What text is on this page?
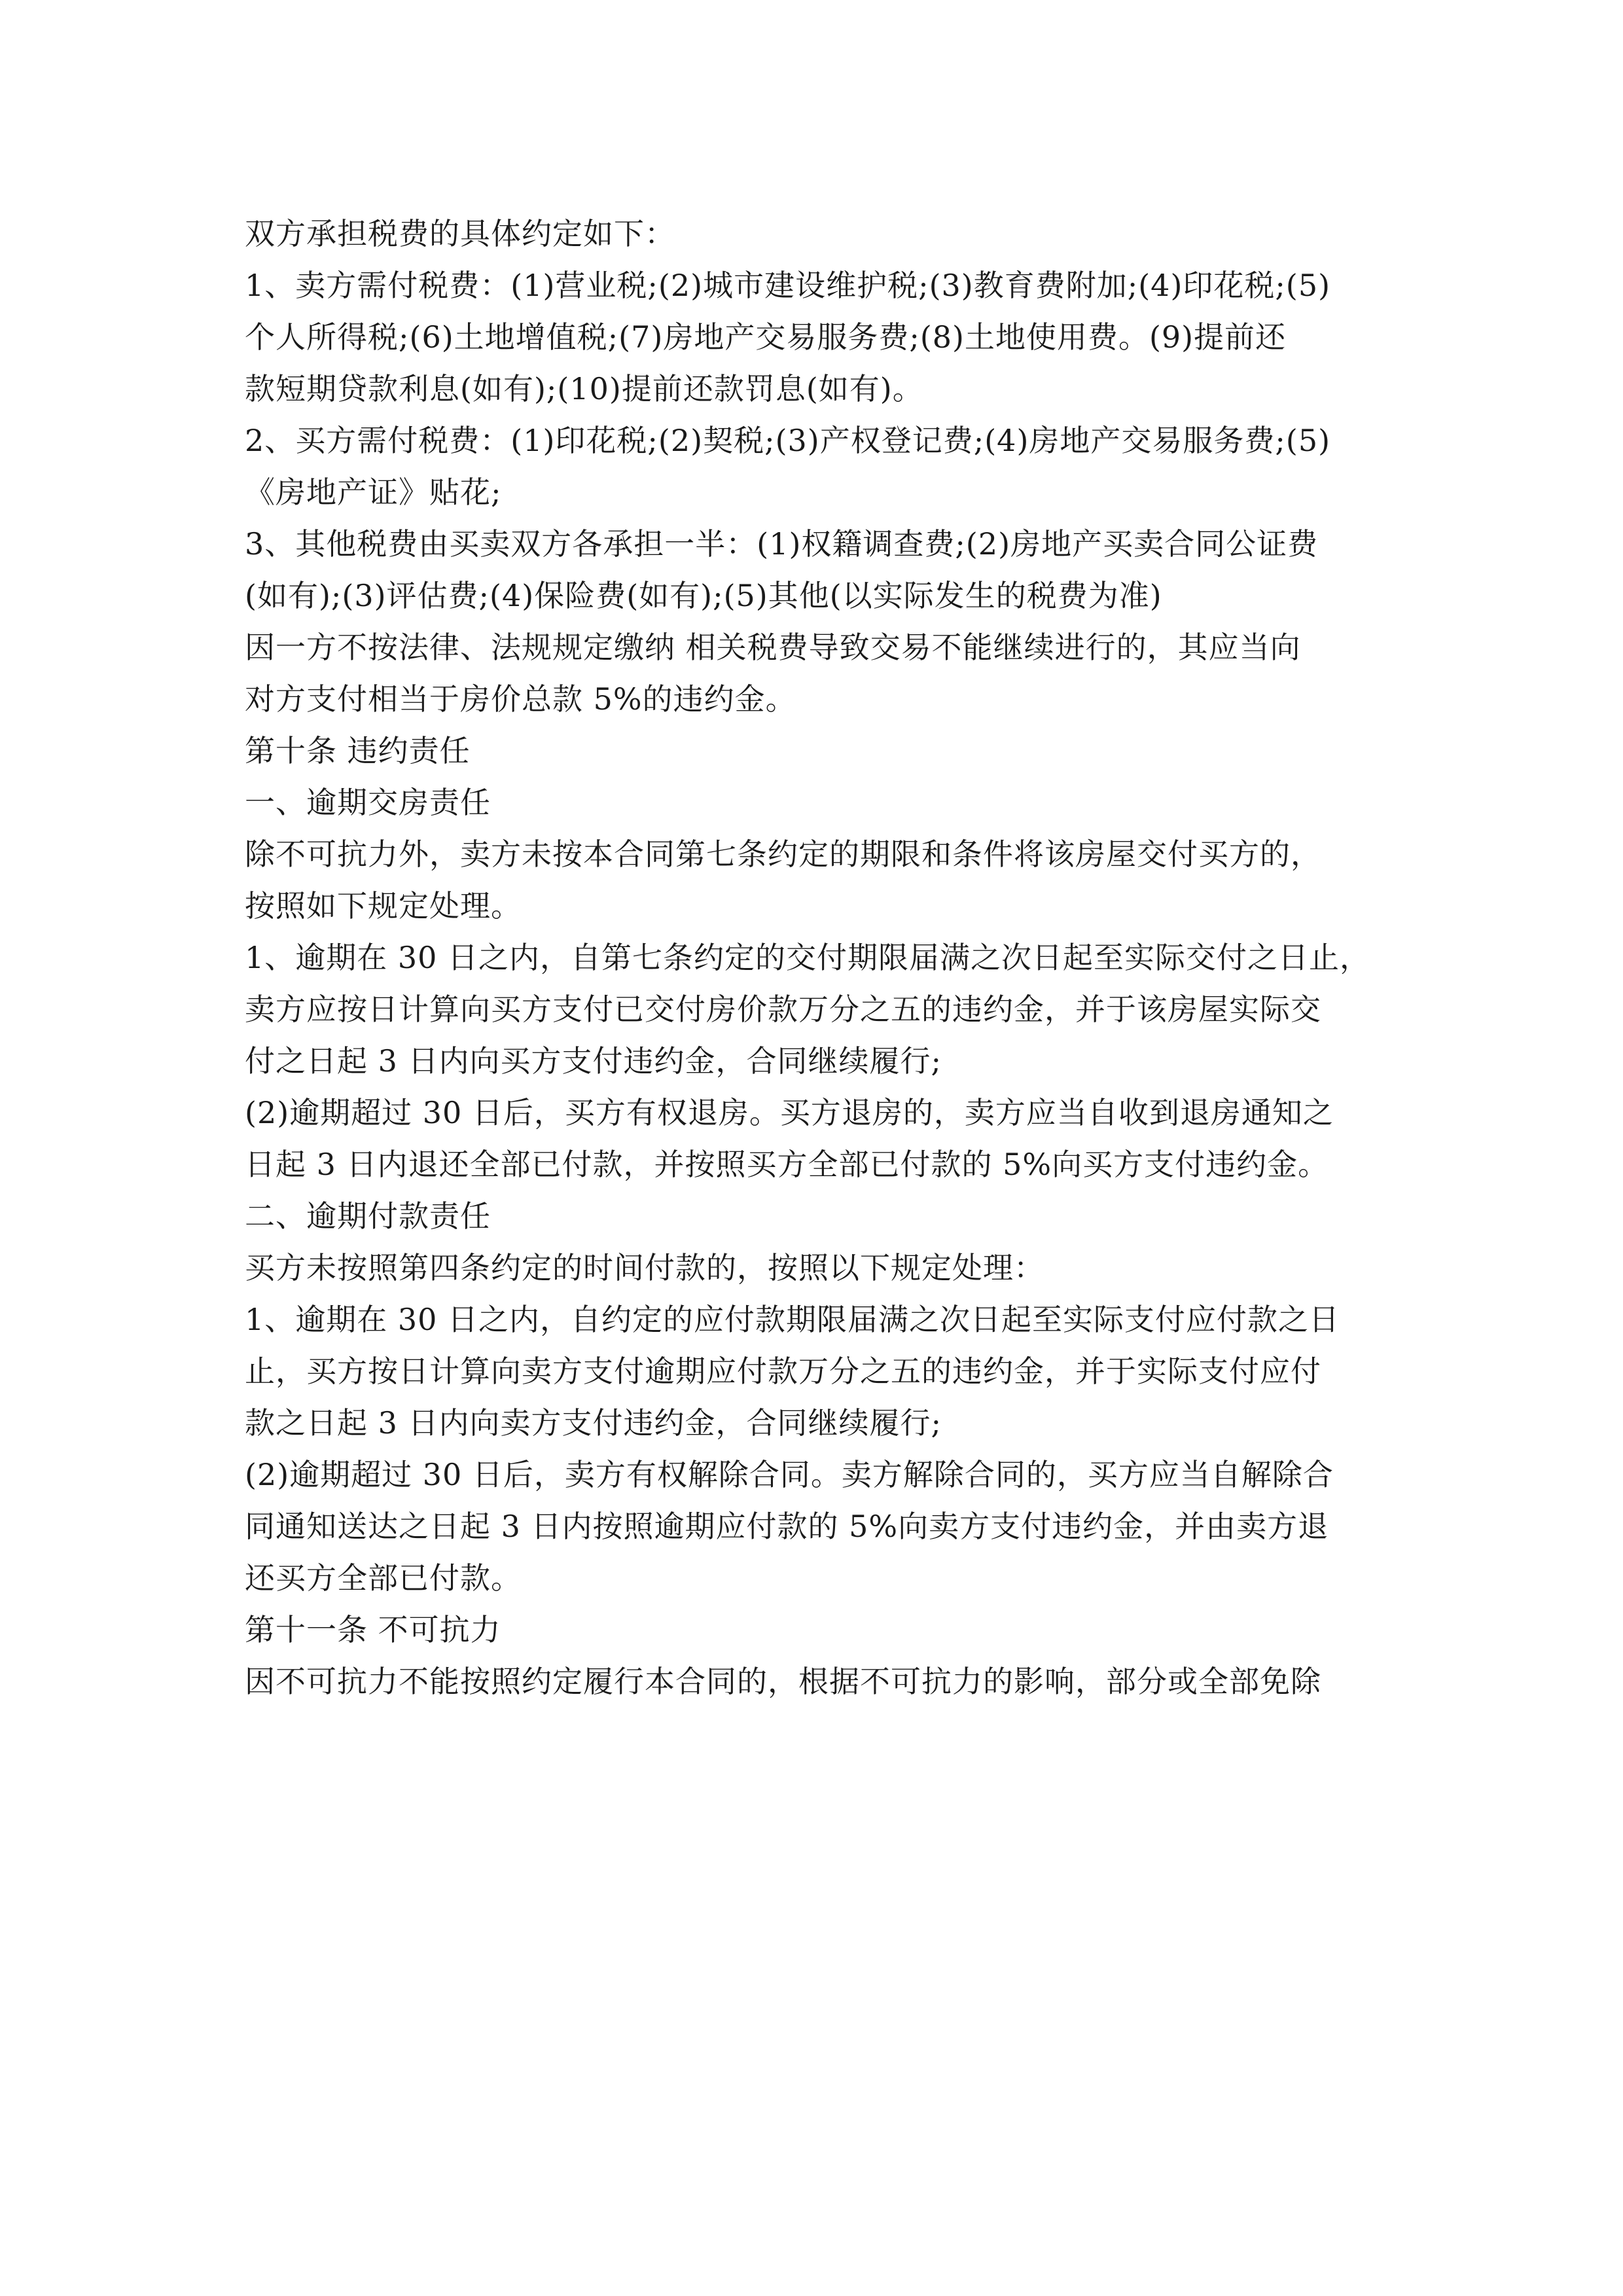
双方承担税费的具体约定如下：
1、卖方需付税费：(1)营业税;(2)城市建设维护税;(3)教育费附加;(4)印花税;(5)
个人所得税;(6)土地增值税;(7)房地产交易服务费;(8)土地使用费。(9)提前还
款短期贷款利息(如有);(10)提前还款罚息(如有)。
2、买方需付税费：(1)印花税;(2)契税;(3)产权登记费;(4)房地产交易服务费;(5)
《房地产证》贴花;
3、其他税费由买卖双方各承担一半：(1)权籍调查费;(2)房地产买卖合同公证费
(如有);(3)评估费;(4)保险费(如有);(5)其他(以实际发生的税费为准)
因一方不按法律、法规规定缴纳 相关税费导致交易不能继续进行的，其应当向
对方支付相当于房价总款 5%的违约金。
第十条 违约责任
一、逾期交房责任
除不可抗力外，卖方未按本合同第七条约定的期限和条件将该房屋交付买方的，
按照如下规定处理。
1、逾期在 30 日之内，自第七条约定的交付期限届满之次日起至实际交付之日止，
卖方应按日计算向买方支付已交付房价款万分之五的违约金，并于该房屋实际交
付之日起 3 日内向买方支付违约金，合同继续履行;
(2)逾期超过 30 日后，买方有权退房。买方退房的，卖方应当自收到退房通知之
日起 3 日内退还全部已付款，并按照买方全部已付款的 5%向买方支付违约金。
二、逾期付款责任
买方未按照第四条约定的时间付款的，按照以下规定处理：
1、逾期在 30 日之内，自约定的应付款期限届满之次日起至实际支付应付款之日
止，买方按日计算向卖方支付逾期应付款万分之五的违约金，并于实际支付应付
款之日起 3 日内向卖方支付违约金，合同继续履行;
(2)逾期超过 30 日后，卖方有权解除合同。卖方解除合同的，买方应当自解除合
同通知送达之日起 3 日内按照逾期应付款的 5%向卖方支付违约金，并由卖方退
还买方全部已付款。
第十一条 不可抗力
因不可抗力不能按照约定履行本合同的，根据不可抗力的影响，部分或全部免除
